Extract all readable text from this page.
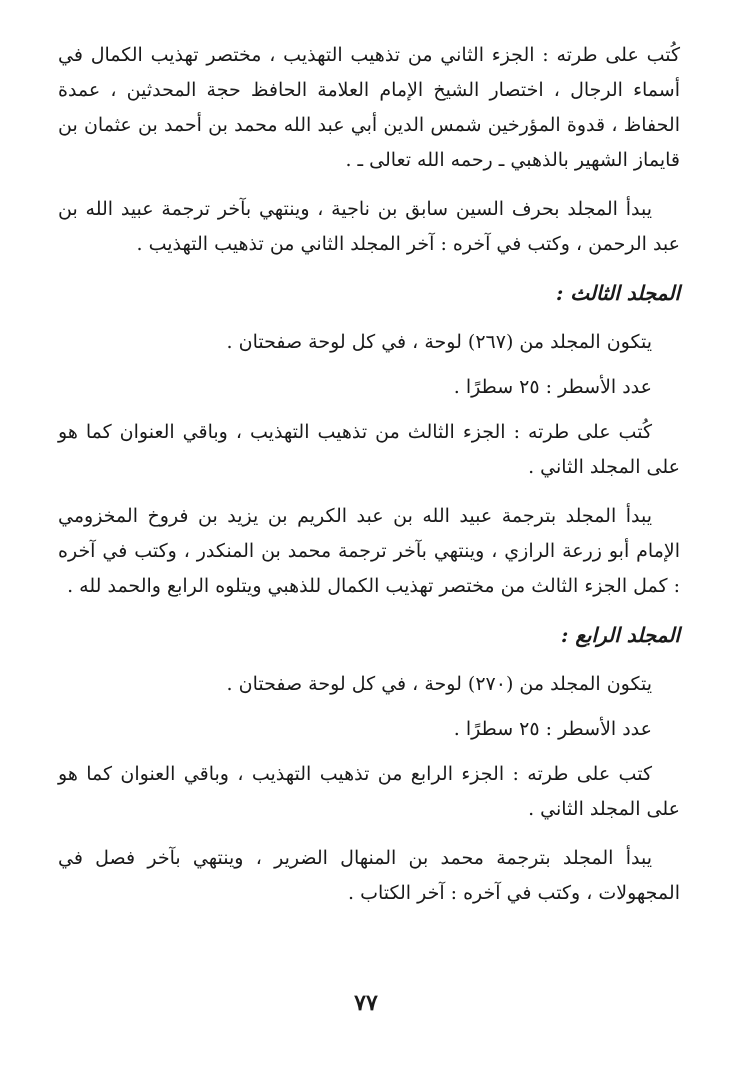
كُتب على طرته : الجزء الثاني من تذهيب التهذيب ، مختصر تهذيب الكمال في أسماء الرجال ، اختصار الشيخ الإمام العلامة الحافظ حجة المحدثين ، عمدة الحفاظ ، قدوة المؤرخين شمس الدين أبي عبد الله محمد بن أحمد بن عثمان بن قايماز الشهير بالذهبي ـ رحمه الله تعالى ـ .

يبدأ المجلد بحرف السين سابق بن ناجية ، وينتهي بآخر ترجمة عبيد الله بن عبد الرحمن ، وكتب في آخره : آخر المجلد الثاني من تذهيب التهذيب .

المجلد الثالث :

يتكون المجلد من (٢٦٧) لوحة ، في كل لوحة صفحتان .

عدد الأسطر : ٢٥ سطرًا .

كُتب على طرته : الجزء الثالث من تذهيب التهذيب ، وباقي العنوان كما هو على المجلد الثاني .

يبدأ المجلد بترجمة عبيد الله بن عبد الكريم بن يزيد بن فروخ المخزومي الإمام أبو زرعة الرازي ، وينتهي بآخر ترجمة محمد بن المنكدر ، وكتب في آخره : كمل الجزء الثالث من مختصر تهذيب الكمال للذهبي ويتلوه الرابع والحمد لله .

المجلد الرابع :

يتكون المجلد من (٢٧٠) لوحة ، في كل لوحة صفحتان .

عدد الأسطر : ٢٥ سطرًا .

كتب على طرته : الجزء الرابع من تذهيب التهذيب ، وباقي العنوان كما هو على المجلد الثاني .

يبدأ المجلد بترجمة محمد بن المنهال الضرير ، وينتهي بآخر فصل في المجهولات ، وكتب في آخره : آخر الكتاب .

٧٧
